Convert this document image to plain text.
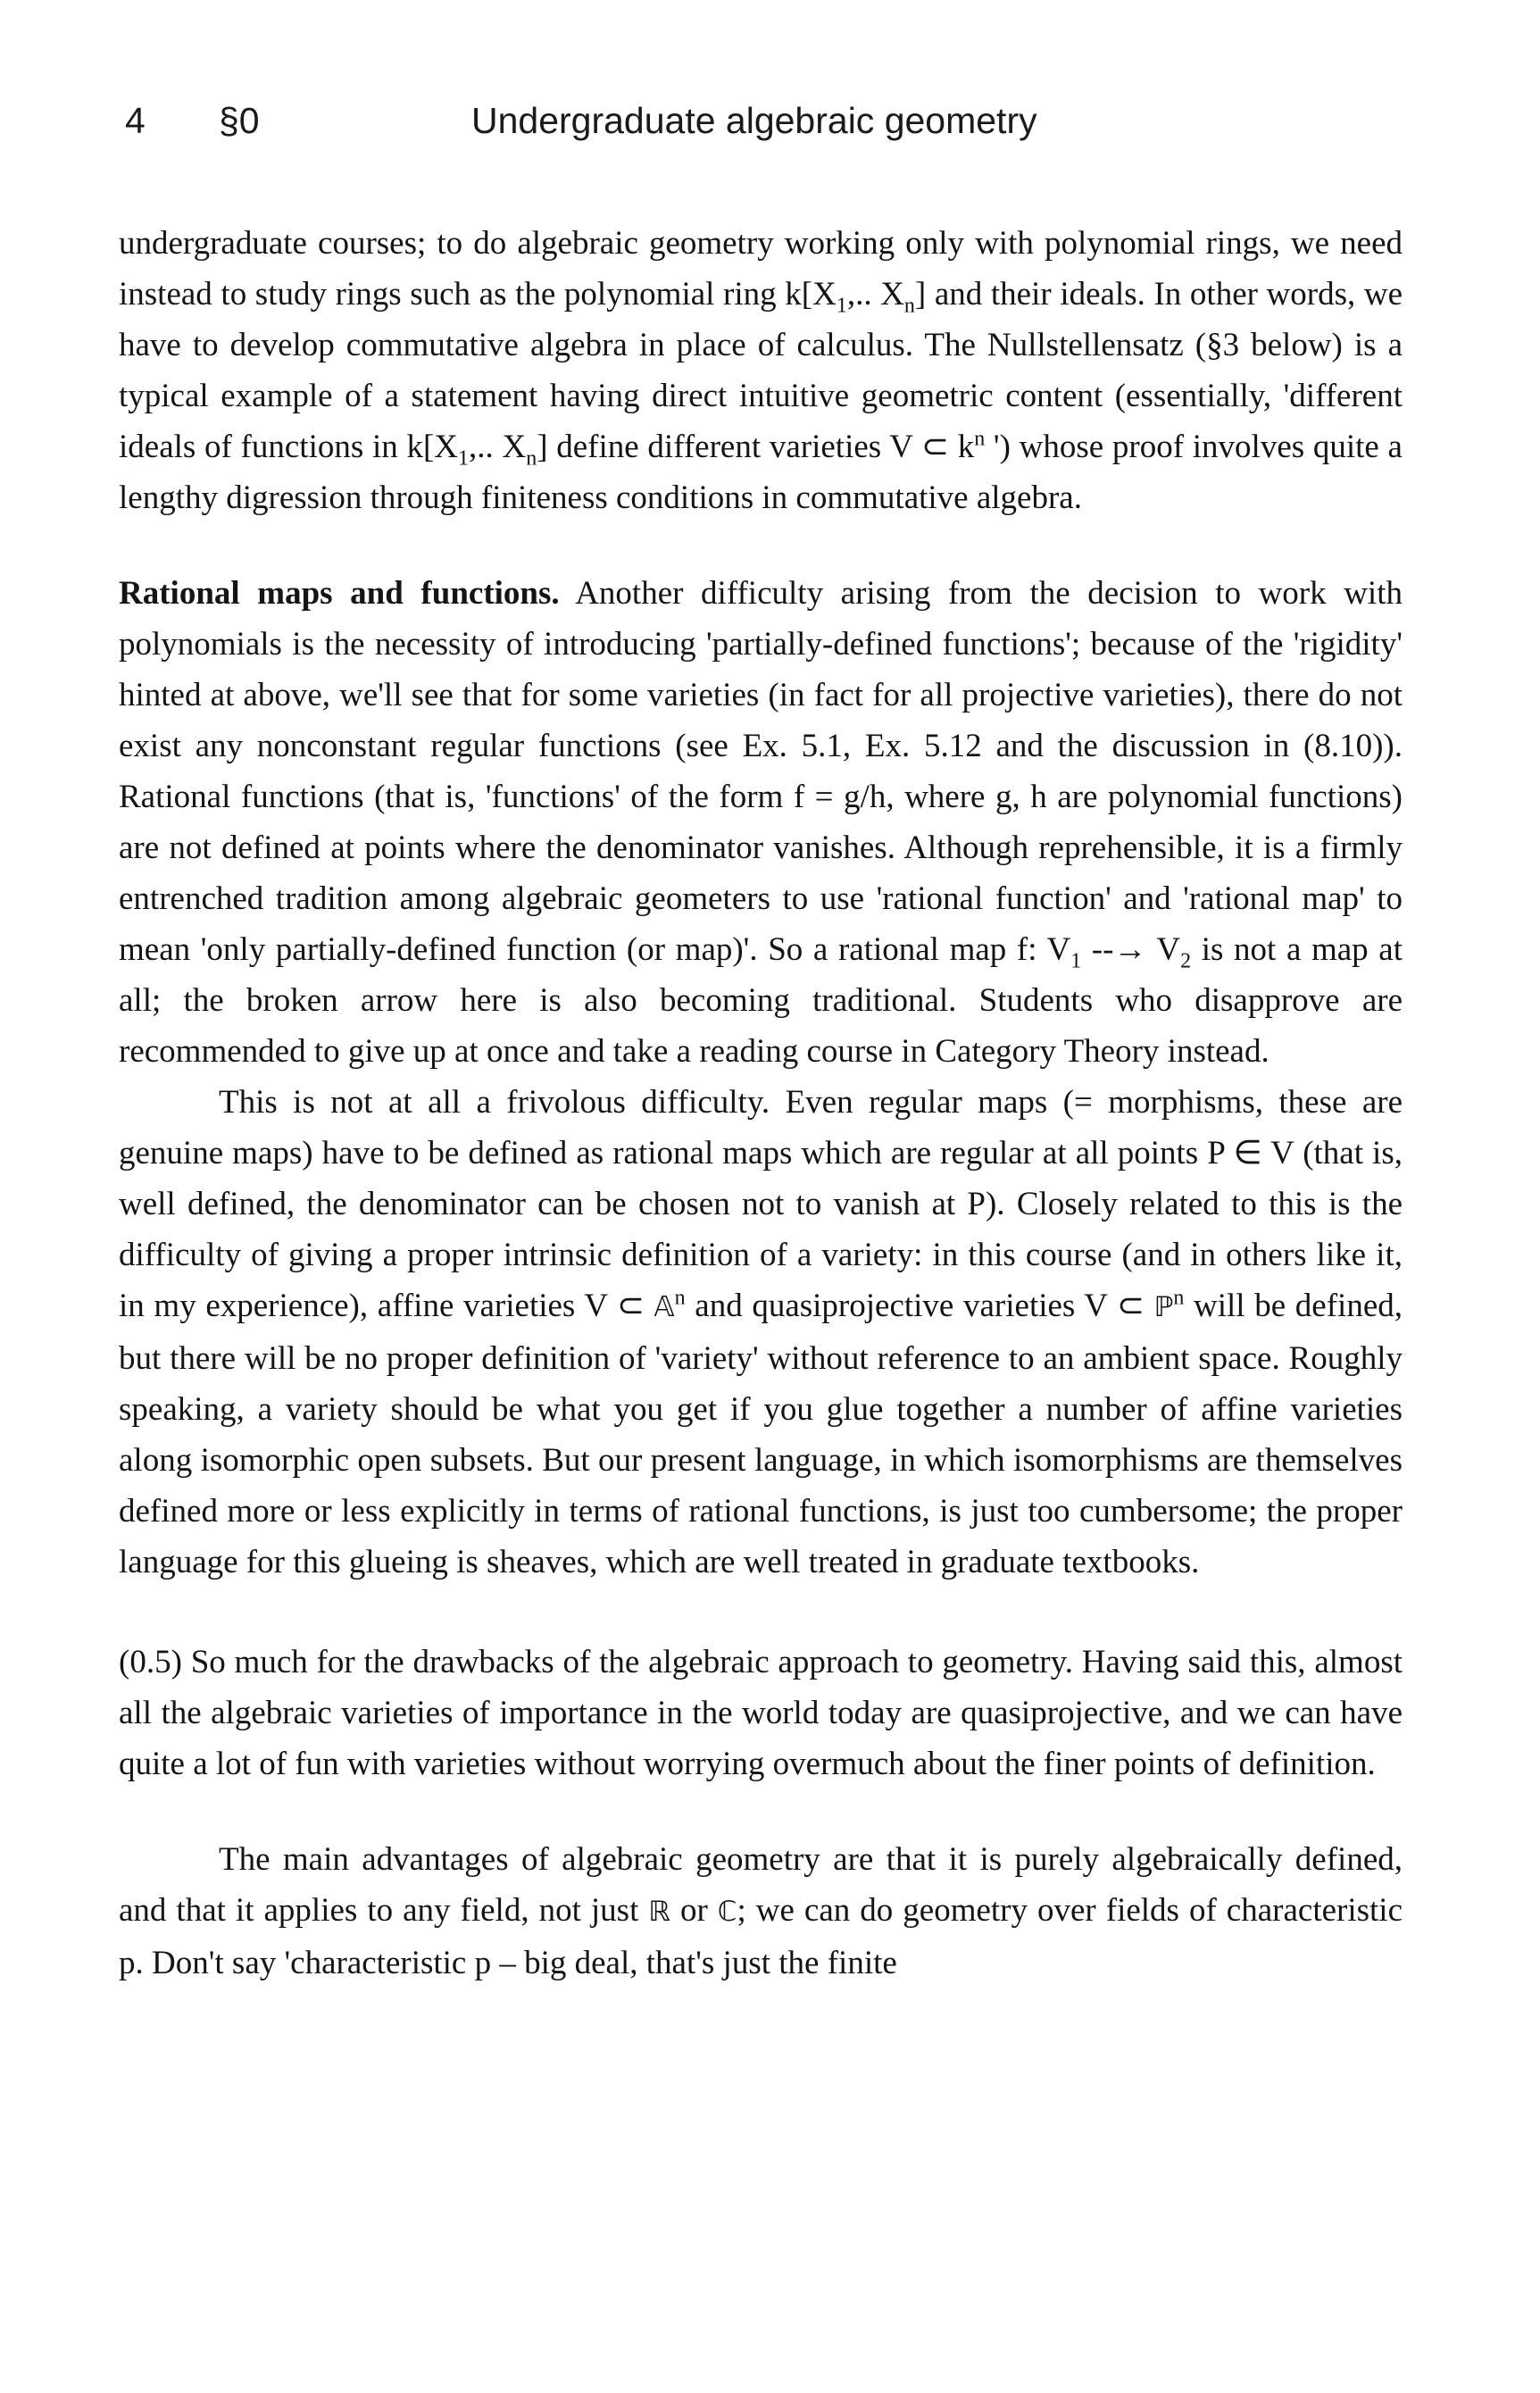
4 §0	Undergraduate algebraic geometry

undergraduate courses; to do algebraic geometry working only with polynomial rings, we need instead to study rings such as the polynomial ring $k[X_1$,.. $X_n$] and their ideals. In other words, we have to develop commutative algebra in place of calculus. The Nullstellensatz (§3 below) is a typical example of a statement having direct intuitive geometric content (essentially, 'different ideals of functions in $k[X_1$,.. $X_n$] define different varieties V ⊂ $k^n$ ') whose proof involves quite a lengthy digression through finiteness conditions in commutative algebra.

Rational maps and functions. Another difficulty arising from the decision to work with polynomials is the necessity of introducing 'partially-defined functions'; because of the 'rigidity' hinted at above, we'll see that for some varieties (in fact for all projective varieties), there do not exist any nonconstant regular functions (see Ex. 5.1, Ex. 5.12 and the discussion in (8.10)). Rational functions (that is, 'functions' of the form f = g/h, where g, h are polynomial functions) are not defined at points where the denominator vanishes. Although reprehensible, it is a firmly entrenched tradition among algebraic geometers to use 'rational function' and 'rational map' to mean 'only partially-defined function (or map)'. So a rational map f: $V_1$ --→ $V_2$ is not a map at all; the broken arrow here is also becoming traditional. Students who disapprove are recommended to give up at once and take a reading course in Category Theory instead.

This is not at all a frivolous difficulty. Even regular maps (= morphisms, these are genuine maps) have to be defined as rational maps which are regular at all points P ∈ V (that is, well defined, the denominator can be chosen not to vanish at P). Closely related to this is the difficulty of giving a proper intrinsic definition of a variety: in this course (and in others like it, in my experience), affine varieties V ⊂ 𝔸$^n$ and quasiprojective varieties V ⊂ ℙ$^n$ will be defined, but there will be no proper definition of 'variety' without reference to an ambient space. Roughly speaking, a variety should be what you get if you glue together a number of affine varieties along isomorphic open subsets. But our present language, in which isomorphisms are themselves defined more or less explicitly in terms of rational functions, is just too cumbersome; the proper language for this glueing is sheaves, which are well treated in graduate textbooks.

(0.5) So much for the drawbacks of the algebraic approach to geometry. Having said this, almost all the algebraic varieties of importance in the world today are quasiprojective, and we can have quite a lot of fun with varieties without worrying overmuch about the finer points of definition.

The main advantages of algebraic geometry are that it is purely algebraically defined, and that it applies to any field, not just ℝ or ℂ; we can do geometry over fields of characteristic p. Don't say 'characteristic p – big deal, that's just the finite
